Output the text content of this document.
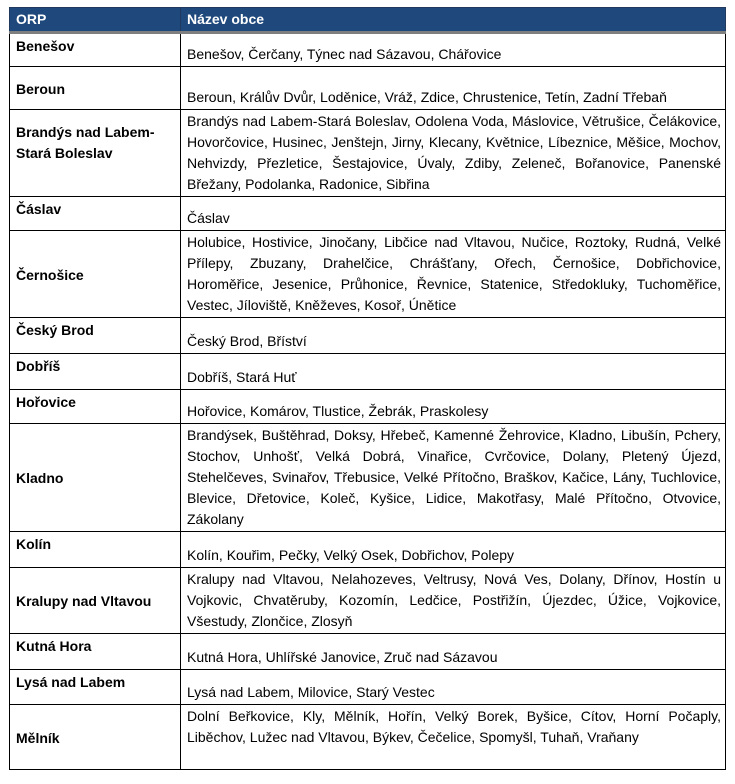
ORP	Název obce
Benešov	Benešov, Čerčany, Týnec nad Sázavou, Chářovice
Beroun	Beroun, Králův Dvůr, Loděnice, Vráž, Zdice, Chrustenice, Tetín, Zadní Třebaň
Brandýs nad Labem-Stará Boleslav	Brandýs nad Labem-Stará Boleslav, Odolena Voda, Máslovice, Větrušice, Čelákovice, Hovorčovice, Husinec, Jenštejn, Jirny, Klecany, Květnice, Líbeznice, Měšice, Mochov, Nehvizdy, Přezletice, Šestajovice, Úvaly, Zdiby, Zeleneč, Bořanovice, Panenské Břežany, Podolanka, Radonice, Sibřina
Čáslav	Čáslav
Černošice	Holubice, Hostivice, Jinočany, Libčice nad Vltavou, Nučice, Roztoky, Rudná, Velké Přílepy, Zbuzany, Drahelčice, Chrášťany, Ořech, Černošice, Dobřichovice, Horoměřice, Jesenice, Průhonice, Řevnice, Statenice, Středokluky, Tuchoměřice, Vestec, Jíloviště, Kněževes, Kosoř, Únětice
Český Brod	Český Brod, Bříství
Dobříš	Dobříš, Stará Huť
Hořovice	Hořovice, Komárov, Tlustice, Žebrák, Praskolesy
Kladno	Brandýsek, Buštěhrad, Doksy, Hřebeč, Kamenné Žehrovice, Kladno, Libušín, Pchery, Stochov, Unhošť, Velká Dobrá, Vinařice, Cvrčovice, Dolany, Pletený Újezd, Stehelčeves, Svinařov, Třebusice, Velké Přítočno, Braškov, Kačice, Lány, Tuchlovice, Blevice, Dřetovice, Koleč, Kyšice, Lidice, Makotřasy, Malé Přítočno, Otvovice, Zákolany
Kolín	Kolín, Kouřim, Pečky, Velký Osek, Dobřichov, Polepy
Kralupy nad Vltavou	Kralupy nad Vltavou, Nelahozeves, Veltrusy, Nová Ves, Dolany, Dřínov, Hostín u Vojkovic, Chvatěruby, Kozomín, Ledčice, Postřižín, Újezdec, Úžice, Vojkovice, Všestudy, Zlončice, Zlosyň
Kutná Hora	Kutná Hora, Uhlířské Janovice, Zruč nad Sázavou
Lysá nad Labem	Lysá nad Labem, Milovice, Starý Vestec
Mělník	Dolní Beřkovice, Kly, Mělník, Hořín, Velký Borek, Byšice, Cítov, Horní Počaply, Liběchov, Lužec nad Vltavou, Býkev, Čečelice, Spomyšl, Tuhaň, Vraňany
